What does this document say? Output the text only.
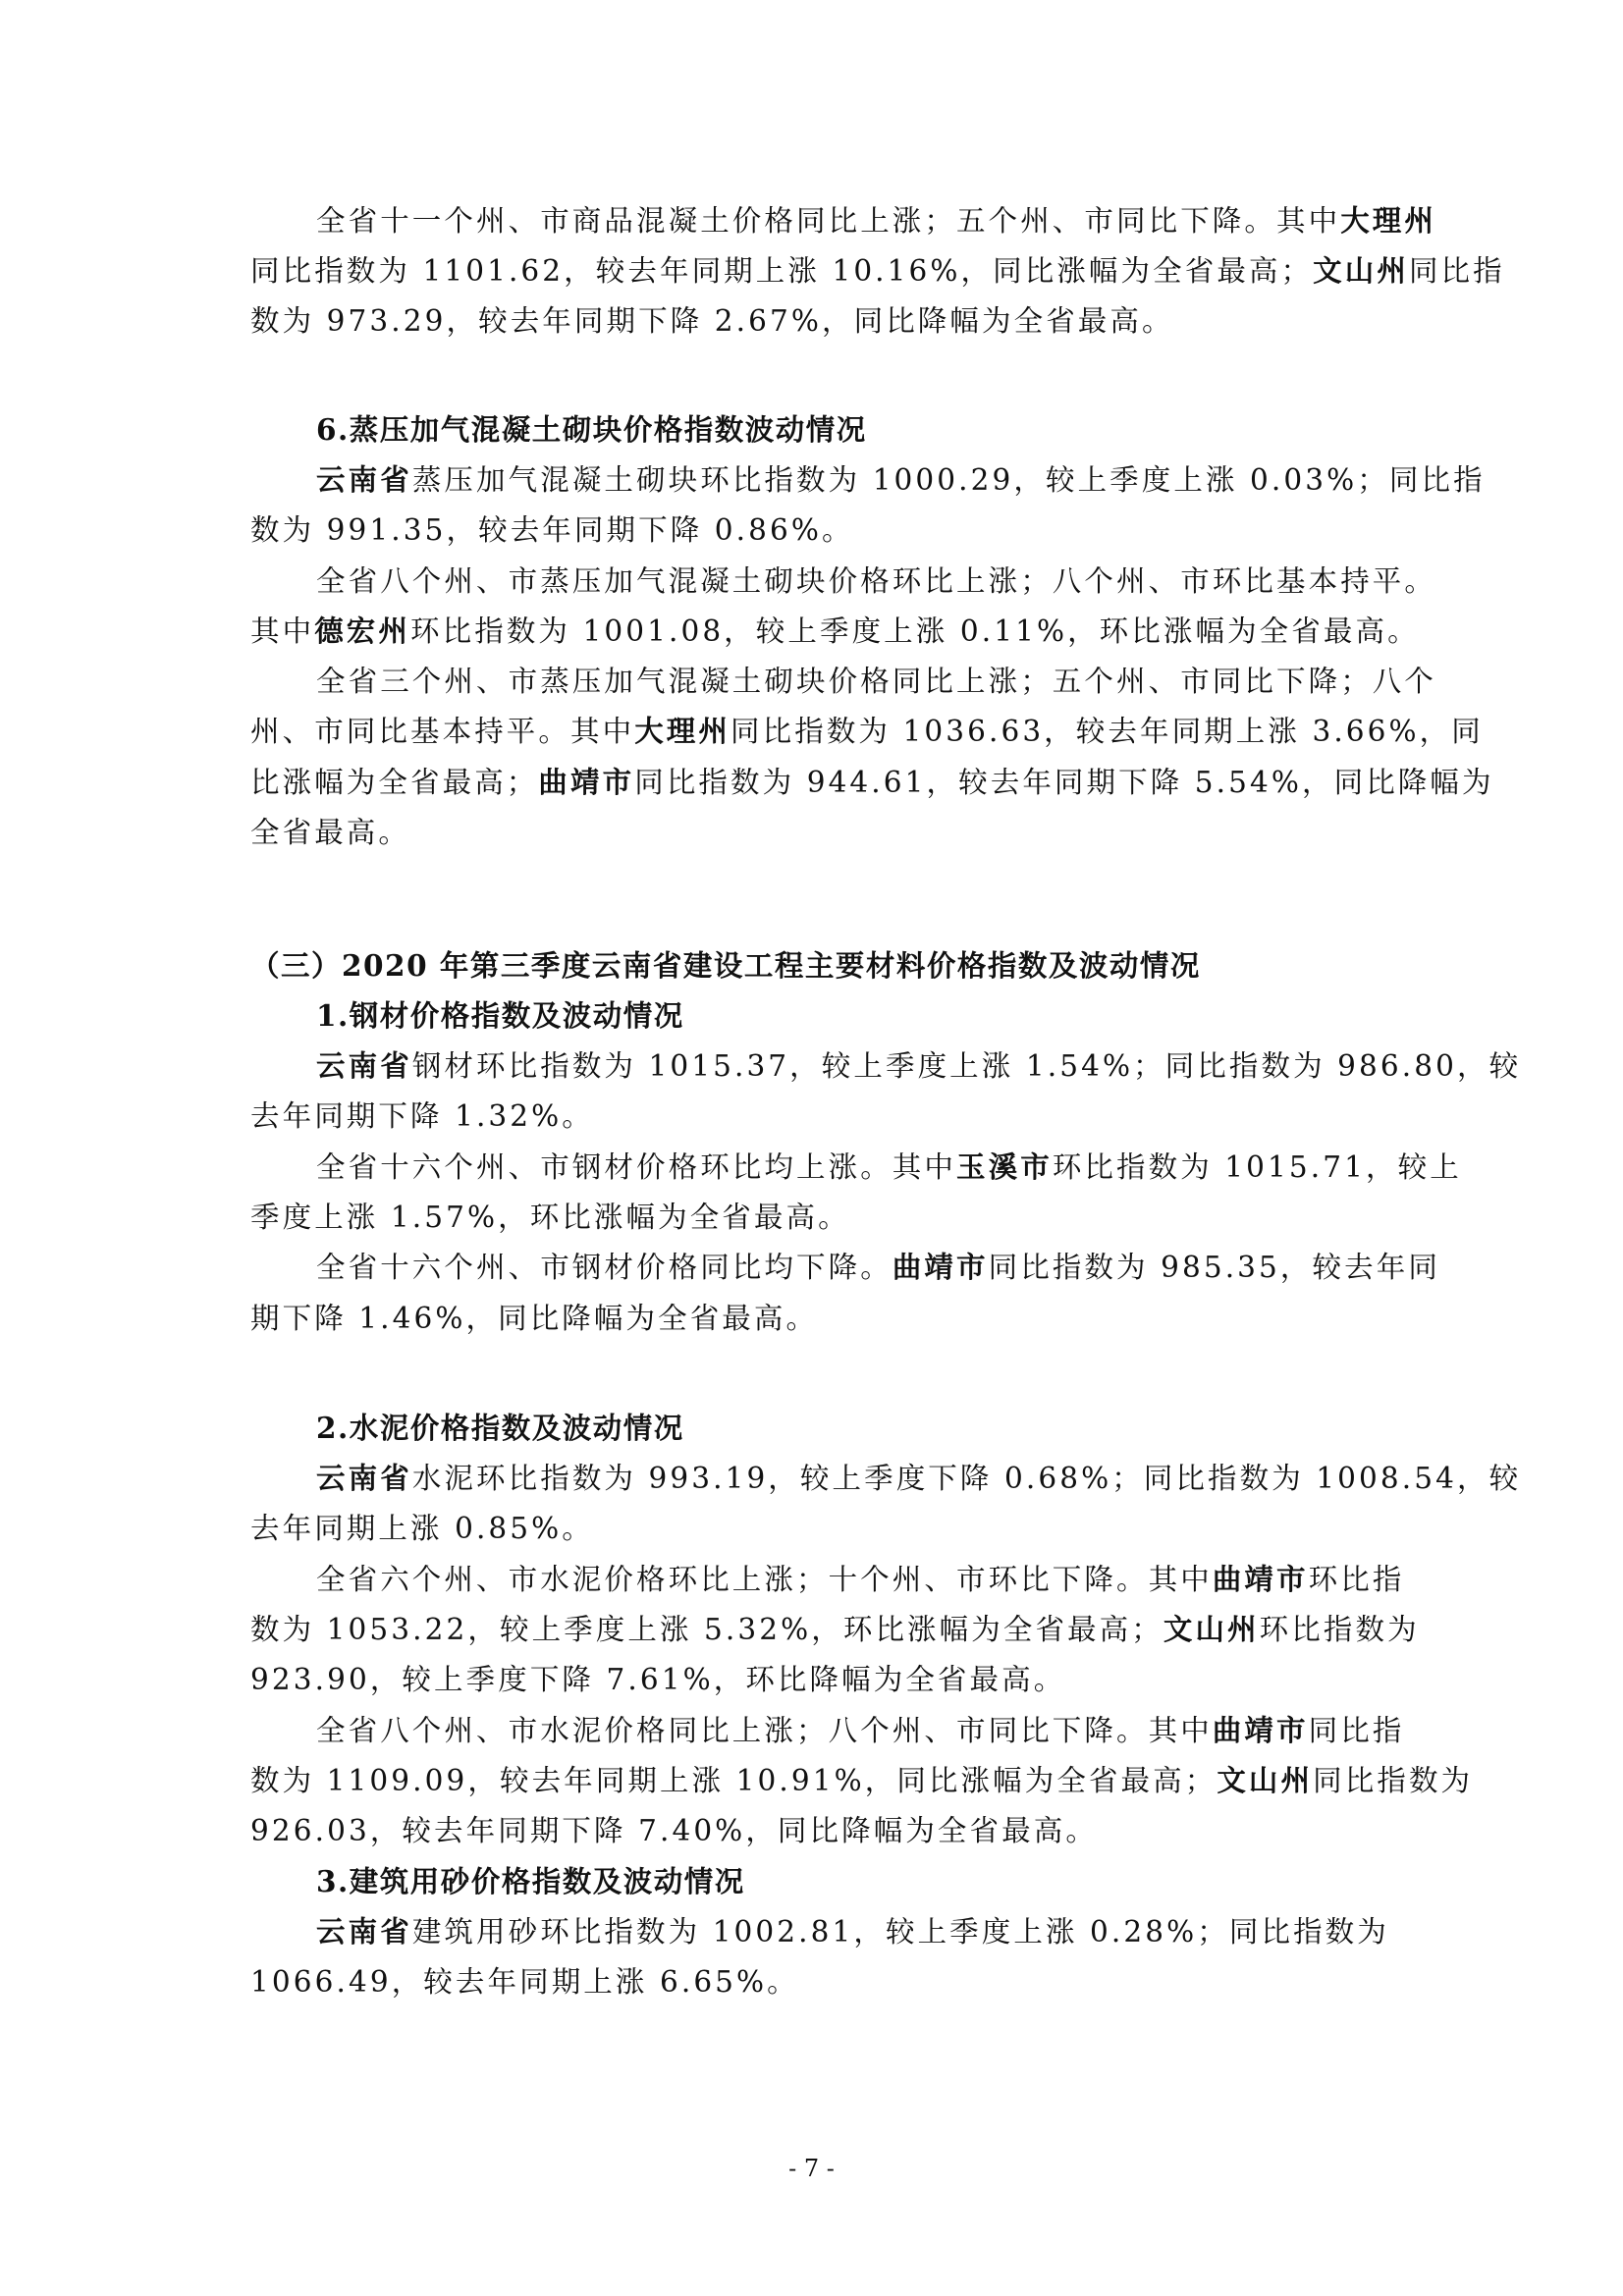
全省十一个州、市商品混凝土价格同比上涨；五个州、市同比下降。其中大理州
同比指数为 1101.62，较去年同期上涨 10.16%，同比涨幅为全省最高；文山州同比指
数为 973.29，较去年同期下降 2.67%，同比降幅为全省最高。
6.蒸压加气混凝土砌块价格指数波动情况
云南省蒸压加气混凝土砌块环比指数为 1000.29，较上季度上涨 0.03%；同比指
数为 991.35，较去年同期下降 0.86%。
全省八个州、市蒸压加气混凝土砌块价格环比上涨；八个州、市环比基本持平。
其中德宏州环比指数为 1001.08，较上季度上涨 0.11%，环比涨幅为全省最高。
全省三个州、市蒸压加气混凝土砌块价格同比上涨；五个州、市同比下降；八个
州、市同比基本持平。其中大理州同比指数为 1036.63，较去年同期上涨 3.66%，同
比涨幅为全省最高；曲靖市同比指数为 944.61，较去年同期下降 5.54%，同比降幅为
全省最高。
（三）2020 年第三季度云南省建设工程主要材料价格指数及波动情况
1.钢材价格指数及波动情况
云南省钢材环比指数为 1015.37，较上季度上涨 1.54%；同比指数为 986.80，较
去年同期下降 1.32%。
全省十六个州、市钢材价格环比均上涨。其中玉溪市环比指数为 1015.71，较上
季度上涨 1.57%，环比涨幅为全省最高。
全省十六个州、市钢材价格同比均下降。曲靖市同比指数为 985.35，较去年同
期下降 1.46%，同比降幅为全省最高。
2.水泥价格指数及波动情况
云南省水泥环比指数为 993.19，较上季度下降 0.68%；同比指数为 1008.54，较
去年同期上涨 0.85%。
全省六个州、市水泥价格环比上涨；十个州、市环比下降。其中曲靖市环比指
数为 1053.22，较上季度上涨 5.32%，环比涨幅为全省最高；文山州环比指数为
923.90，较上季度下降 7.61%，环比降幅为全省最高。
全省八个州、市水泥价格同比上涨；八个州、市同比下降。其中曲靖市同比指
数为 1109.09，较去年同期上涨 10.91%，同比涨幅为全省最高；文山州同比指数为
926.03，较去年同期下降 7.40%，同比降幅为全省最高。
3.建筑用砂价格指数及波动情况
云南省建筑用砂环比指数为 1002.81，较上季度上涨 0.28%；同比指数为
1066.49，较去年同期上涨 6.65%。
- 7 -
